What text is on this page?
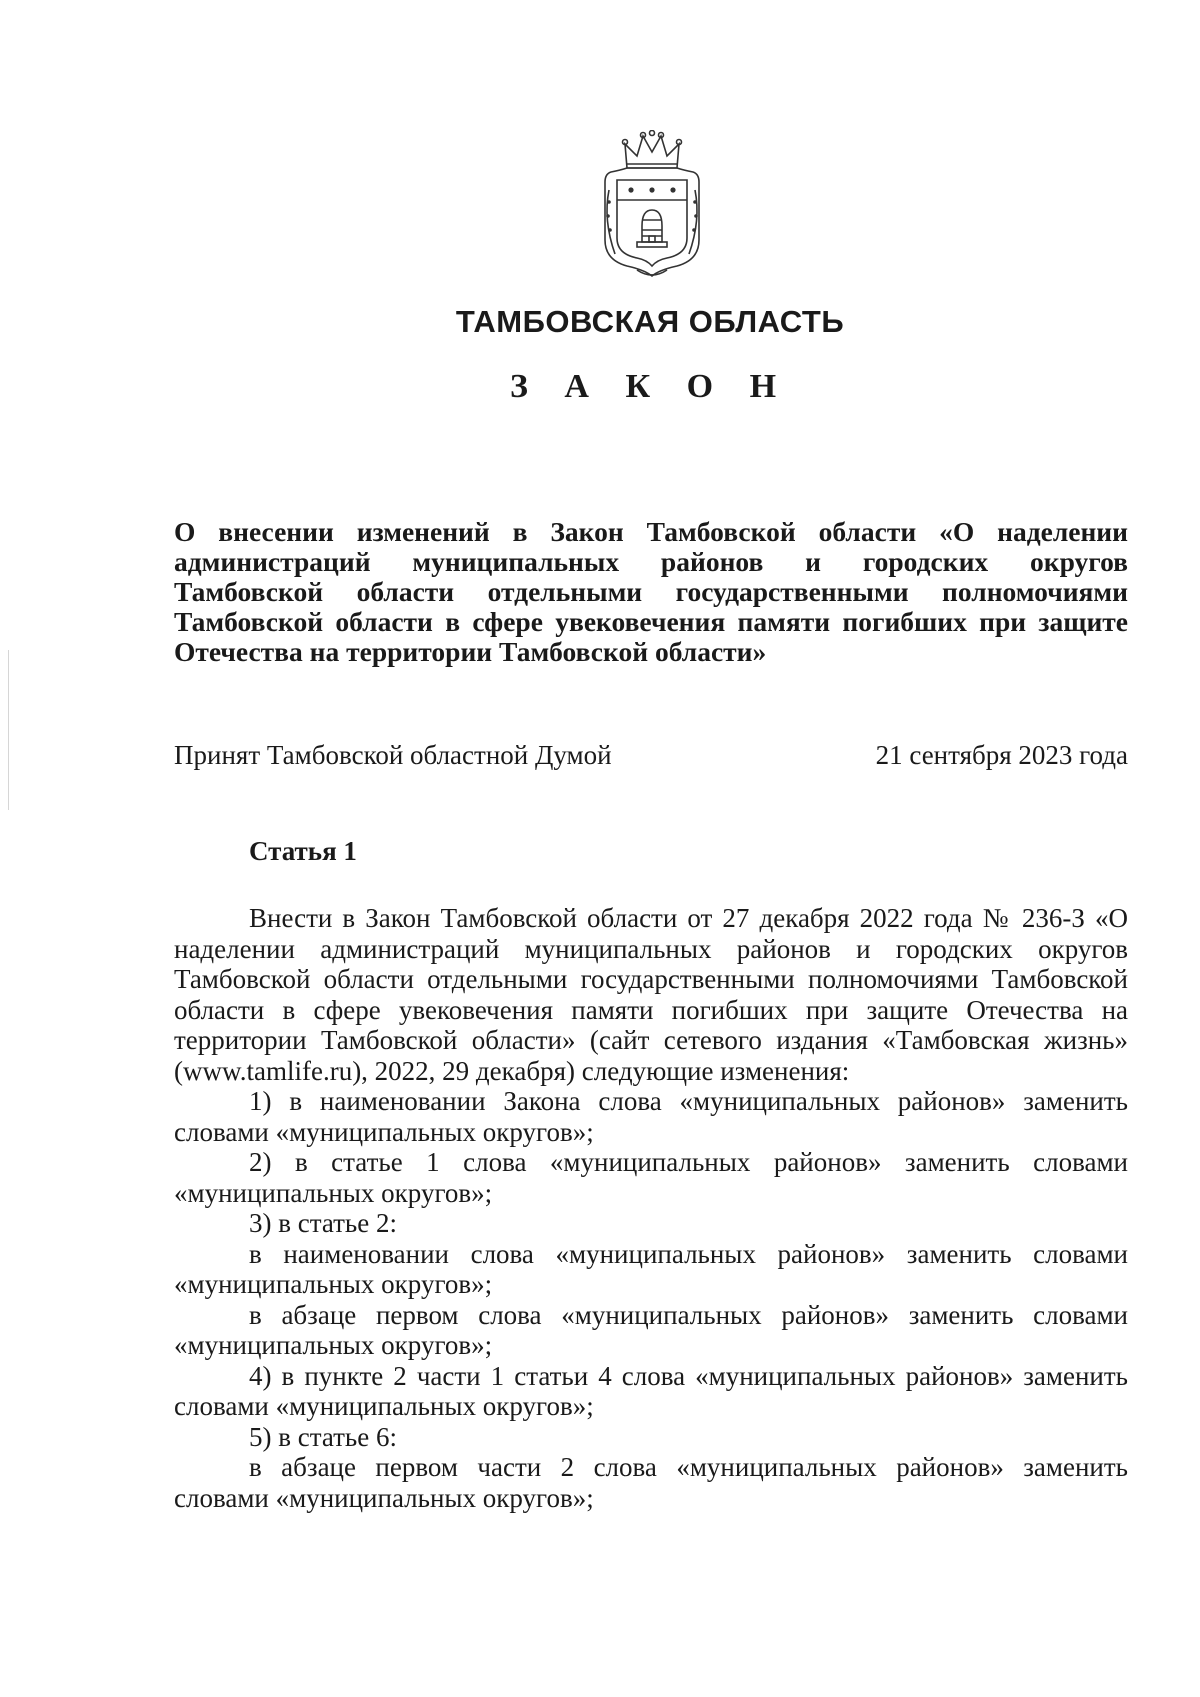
ТАМБОВСКАЯ ОБЛАСТЬ
З А К О Н
О внесении изменений в Закон Тамбовской области «О наделении
администраций муниципальных районов и городских округов
Тамбовской области отдельными государственными полномочиями
Тамбовской области в сфере увековечения памяти погибших при защите
Отечества на территории Тамбовской области»
Принят Тамбовской областной Думой	21 сентября 2023 года
Статья 1

Внести в Закон Тамбовской области от 27 декабря 2022 года № 236-З «О наделении администраций муниципальных районов и городских округов Тамбовской области отдельными государственными полномочиями Тамбовской области в сфере увековечения памяти погибших при защите Отечества на территории Тамбовской области» (сайт сетевого издания «Тамбовская жизнь» (www.tamlife.ru), 2022, 29 декабря) следующие изменения:

1) в наименовании Закона слова «муниципальных районов» заменить словами «муниципальных округов»;

2) в статье 1 слова «муниципальных районов» заменить словами «муниципальных округов»;

3) в статье 2:

в наименовании слова «муниципальных районов» заменить словами «муниципальных округов»;

в абзаце первом слова «муниципальных районов» заменить словами «муниципальных округов»;

4) в пункте 2 части 1 статьи 4 слова «муниципальных районов» заменить словами «муниципальных округов»;

5) в статье 6:

в абзаце первом части 2 слова «муниципальных районов» заменить словами «муниципальных округов»;
